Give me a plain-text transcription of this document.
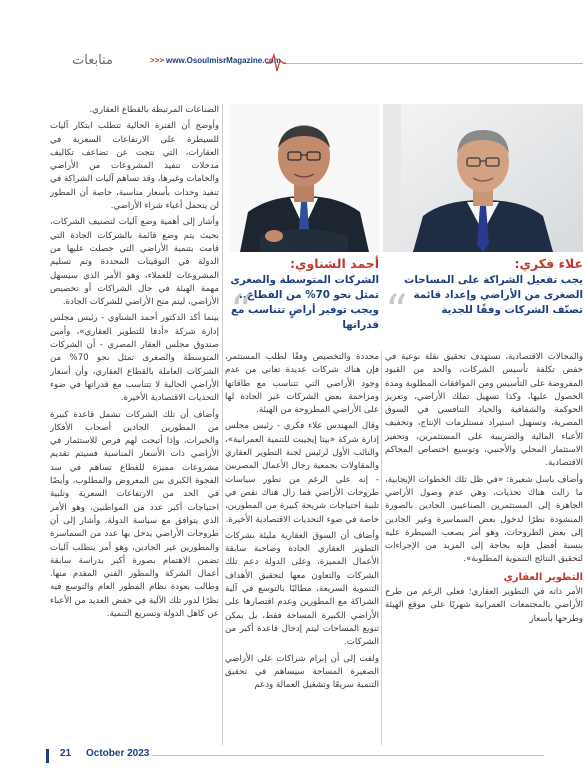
متابعات	>>> www.OsoulmisrMagazine.com
علاء فكري:
يجب تفعيل الشراكة على المساحات الصغرى من الأراضي وإعداد قائمة تصنّف الشركات وفقًا للجدية
“
أحمد الشناوي:
الشركات المتوسطة والصغرى تمثل نحو 70% من القطاع.. ويجب توفير أراضٍ تتناسب مع قدراتها
“

والمجالات الاقتصادية، تستهدف تحقيق نقلة نوعية في خفض تكلفة تأسيس الشركات، والحد من القيود المفروضة على التأسيس ومن الموافقات المطلوبة ومدة الحصول عليها، وكذا تسهيل تملك الأراضي، وتعزيز الحوكمة والشفافية والحياد التنافسي في السوق المصرية، وتسهيل استيراد مستلزمات الإنتاج، وتخفيف الأعباء المالية والضريبية على المستثمرين، وتحفيز الاستثمار المحلي والأجنبي، وتوسيع اختصاص المحاكم الاقتصادية.

وأضاف باسل شعيرة: «في ظل تلك الخطوات الإيجابية، ما زالت هناك تحديات، وهي عدم وصول الأراضي الجاهزة إلى المستثمرين الصناعيين الجادين بالصورة المنشودة نظرًا لدخول بعض السماسرة وغير الجادين إلى بعض الطروحات، وهو أمر يصعب السيطرة عليه بنسبة أفضل فإنه بحاجة إلى المزيد من الإجراءات لتحقيق النتائج التنموية المطلوبة».

التطوير العقاري

الأمر ذاته في التطوير العقاري؛ فعلى الرغم من طرح الأراضي بالمجتمعات العمرانية شهريًا على موقع الهيئة وطرحها بأسعار

محددة والتخصيص وفقًا لطلب المستثمر، فإن هناك شركات عديدة تعاني من عدم وجود الأراضي التي تتناسب مع طاقاتها ومزاحمة بعض الشركات غير الجادة لها على الأراضي المطروحة من الهيئة.

وقال المهندس علاء فكري - رئيس مجلس إدارة شركة «بيتا إيجيبت للتنمية العمرانية»، والنائب الأول لرئيس لجنة التطوير العقاري والمقاولات بجمعية رجال الأعمال المصريين - إنه على الرغم من تطور سياسات طروحات الأراضي فما زال هناك نقص في تلبية احتياجات شريحة كبيرة من المطورين، خاصة في ضوء التحديات الاقتصادية الأخيرة.

وأضاف أن السوق العقارية مليئة بشركات التطوير العقاري الجادة وصاحبة سابقة الأعمال المميزة، وعلى الدولة دعم تلك الشركات والتعاون معها لتحقيق الأهداف التنموية السريعة، مطالبًا بالتوسع في آلية الشراكة مع المطورين وعدم اقتصارها على الأراضي الكبيرة المساحة فقط، بل يمكن تنويع المساحات ليتم إدخال قاعدة أكبر من الشركات.

ولفت إلى أن إبرام شراكات على الأراضي الصغيرة المساحة سيساهم في تحقيق التنمية سريعًا وتشغيل العمالة ودعم

الصناعات المرتبطة بالقطاع العقاري.

وأوضح أن الفترة الحالية تتطلب ابتكار آليات للسيطرة على الارتفاعات السعرية في العقارات، التي نتجت عن تضاعف تكاليف مدخلات تنفيذ المشروعات من الأراضي والخامات وغيرها، وقد تساهم آليات الشراكة في تنفيذ وحدات بأسعار مناسبة، خاصة أن المطور لن يتحمل أعباء شراء الأراضي.

وأشار إلى أهمية وضع آليات لتصنيف الشركات، بحيث يتم وضع قائمة بالشركات الجادة التي قامت بتنمية الأراضي التي حصلت عليها من الدولة في التوقيتات المحددة وتم تسليم المشروعات للعملاء، وهو الأمر الذي سيسهل مهمة الهيئة في حال الشراكات أو تخصيص الأراضي، ليتم منح الأراضي للشركات الجادة.

بينما أكد الدكتور أحمد الشناوي - رئيس مجلس إدارة شركة «أدفا للتطوير العقاري»، وأمين صندوق مجلس العقار المصري - أن الشركات المتوسطة والصغرى تمثل نحو 70% من الشركات العاملة بالقطاع العقاري، وأن أسعار الأراضي الحالية لا تتناسب مع قدراتها في ضوء التحديات الاقتصادية الأخيرة.

وأضاف أن تلك الشركات تشمل قاعدة كبيرة من المطورين الجادين أصحاب الأفكار والخبرات، وإذا أتيحت لهم فرص للاستثمار في الأراضي ذات الأسعار المناسبة فسيتم تقديم مشروعات مميزة للقطاع تساهم في سد الفجوة الكبرى بين المعروض والمطلوب، وأيضًا في الحد من الارتفاعات السعرية وتلبية احتياجات أكبر عدد من المواطنين، وهو الأمر الذي يتوافق مع سياسة الدولة. وأشار إلى أن طروحات الأراضي يدخل بها عدد من السماسرة والمطورين غير الجادين، وهو أمر يتطلب آليات تضمن الاهتمام بصورة أكبر بدراسة سابقة أعمال الشركة والمطور الفني المقدم منها. وطالب بعودة نظام المطور العام والتوسع فيه نظرًا لدور تلك الآلية في خفض العديد من الأعباء عن كاهل الدولة وتسريع التنمية.

21 October 2023
